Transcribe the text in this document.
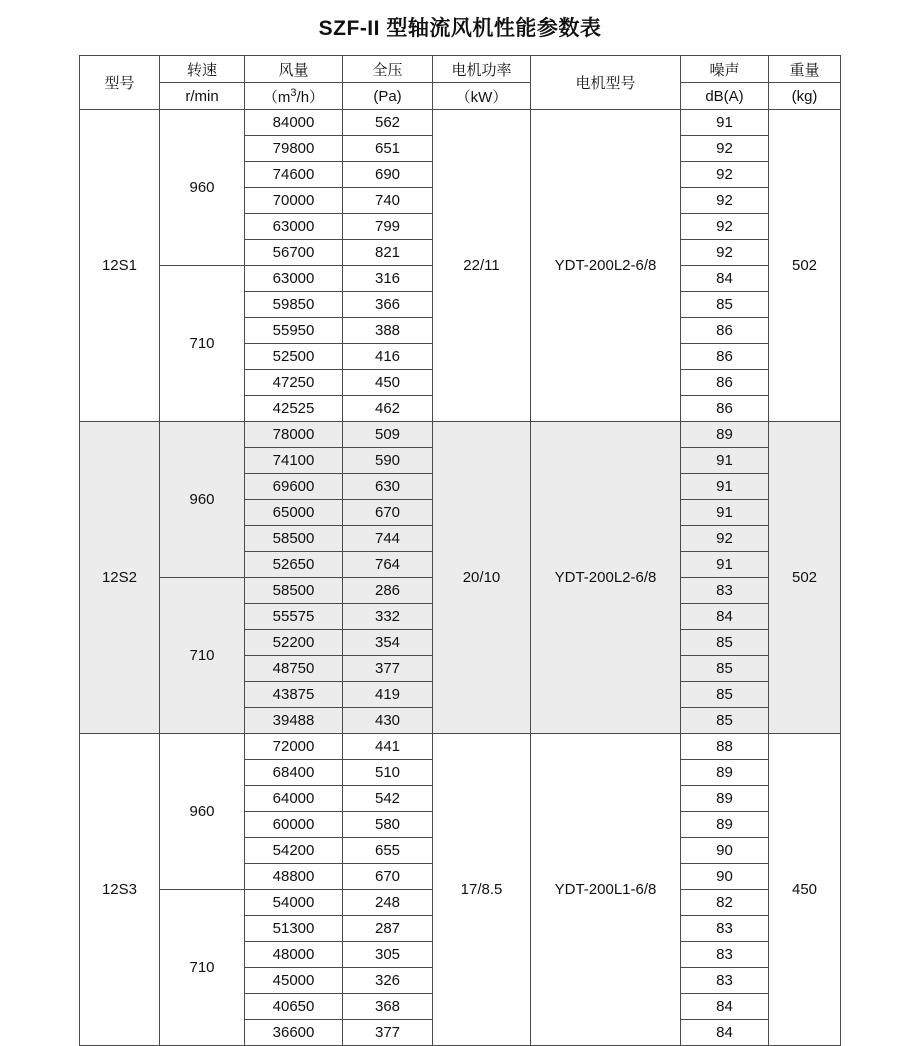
SZF-II 型轴流风机性能参数表
型号	转速	风量	全压	电机功率	电机型号	噪声	重量
	r/min	$(m^3/h)$	(Pa)	（kW）		dB(A)	(kg)
12S1	960	84000	562	22/11	YDT-200L2-6/8	91	502
		79800	651			92	
		74600	690			92	
		70000	740			92	
		63000	799			92	
		56700	821			92	
	710	63000	316			84	
		59850	366			85	
		55950	388			86	
		52500	416			86	
		47250	450			86	
		42525	462			86	
12S2	960	78000	509	20/10	YDT-200L2-6/8	89	502
		74100	590			91	
		69600	630			91	
		65000	670			91	
		58500	744			92	
		52650	764			91	
	710	58500	286			83	
		55575	332			84	
		52200	354			85	
		48750	377			85	
		43875	419			85	
		39488	430			85	
12S3	960	72000	441	17/8.5	YDT-200L1-6/8	88	450
		68400	510			89	
		64000	542			89	
		60000	580			89	
		54200	655			90	
		48800	670			90	
	710	54000	248			82	
		51300	287			83	
		48000	305			83	
		45000	326			83	
		40650	368			84	
		36600	377			84	
